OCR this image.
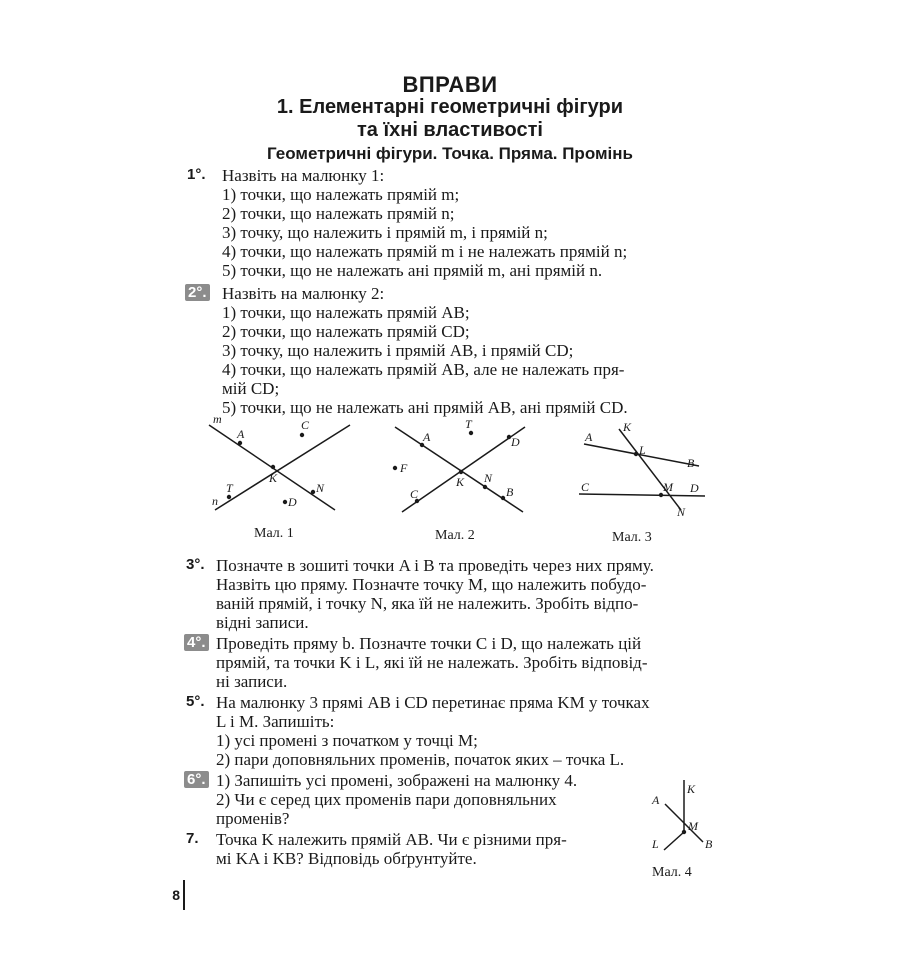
ВПРАВИ
1. Елементарні геометричні фігури
та їхні властивості
Геометричні фігури. Точка. Пряма. Промінь
1°. Назвіть на малюнку 1:
1) точки, що належать прямій m;
2) точки, що належать прямій n;
3) точку, що належить і прямій m, і прямій n;
4) точки, що належать прямій m і не належать прямій n;
5) точки, що не належать ані прямій m, ані прямій n.
2°. Назвіть на малюнку 2:
1) точки, що належать прямій AB;
2) точки, що належать прямій CD;
3) точку, що належить і прямій AB, і прямій CD;
4) точки, що належать прямій AB, але не належать пря-
мій CD;
5) точки, що не належать ані прямій AB, ані прямій CD.
m
n
A
C
K
T
D
N
A
T
D
F
K N
C	B
A
K
L
B
C	M D
N
Мал. 1	Мал. 2	Мал. 3
3°. Позначте в зошиті точки A і B та проведіть через них пряму.
Назвіть цю пряму. Позначте точку M, що належить побудо-
ваній прямій, і точку N, яка їй не належить. Зробіть відпо-
відні записи.
4°. Проведіть пряму b. Позначте точки C і D, що належать цій
прямій, та точки K і L, які їй не належать. Зробіть відповід-
ні записи.
5°. На малюнку 3 прямі AB і CD перетинає пряма KM у точках
L і M. Запишіть:
1) усі промені з початком у точці M;
2) пари доповняльних променів, початок яких – точка L.
6°. 1) Запишіть усі промені, зображені на малюнку 4.
2) Чи є серед цих променів пари доповняльних
променів?
7. Точка K належить прямій AB. Чи є різними пря-
мі KA і KB? Відповідь обґрунтуйте.
A
K
M
L	B
Мал. 4
8
